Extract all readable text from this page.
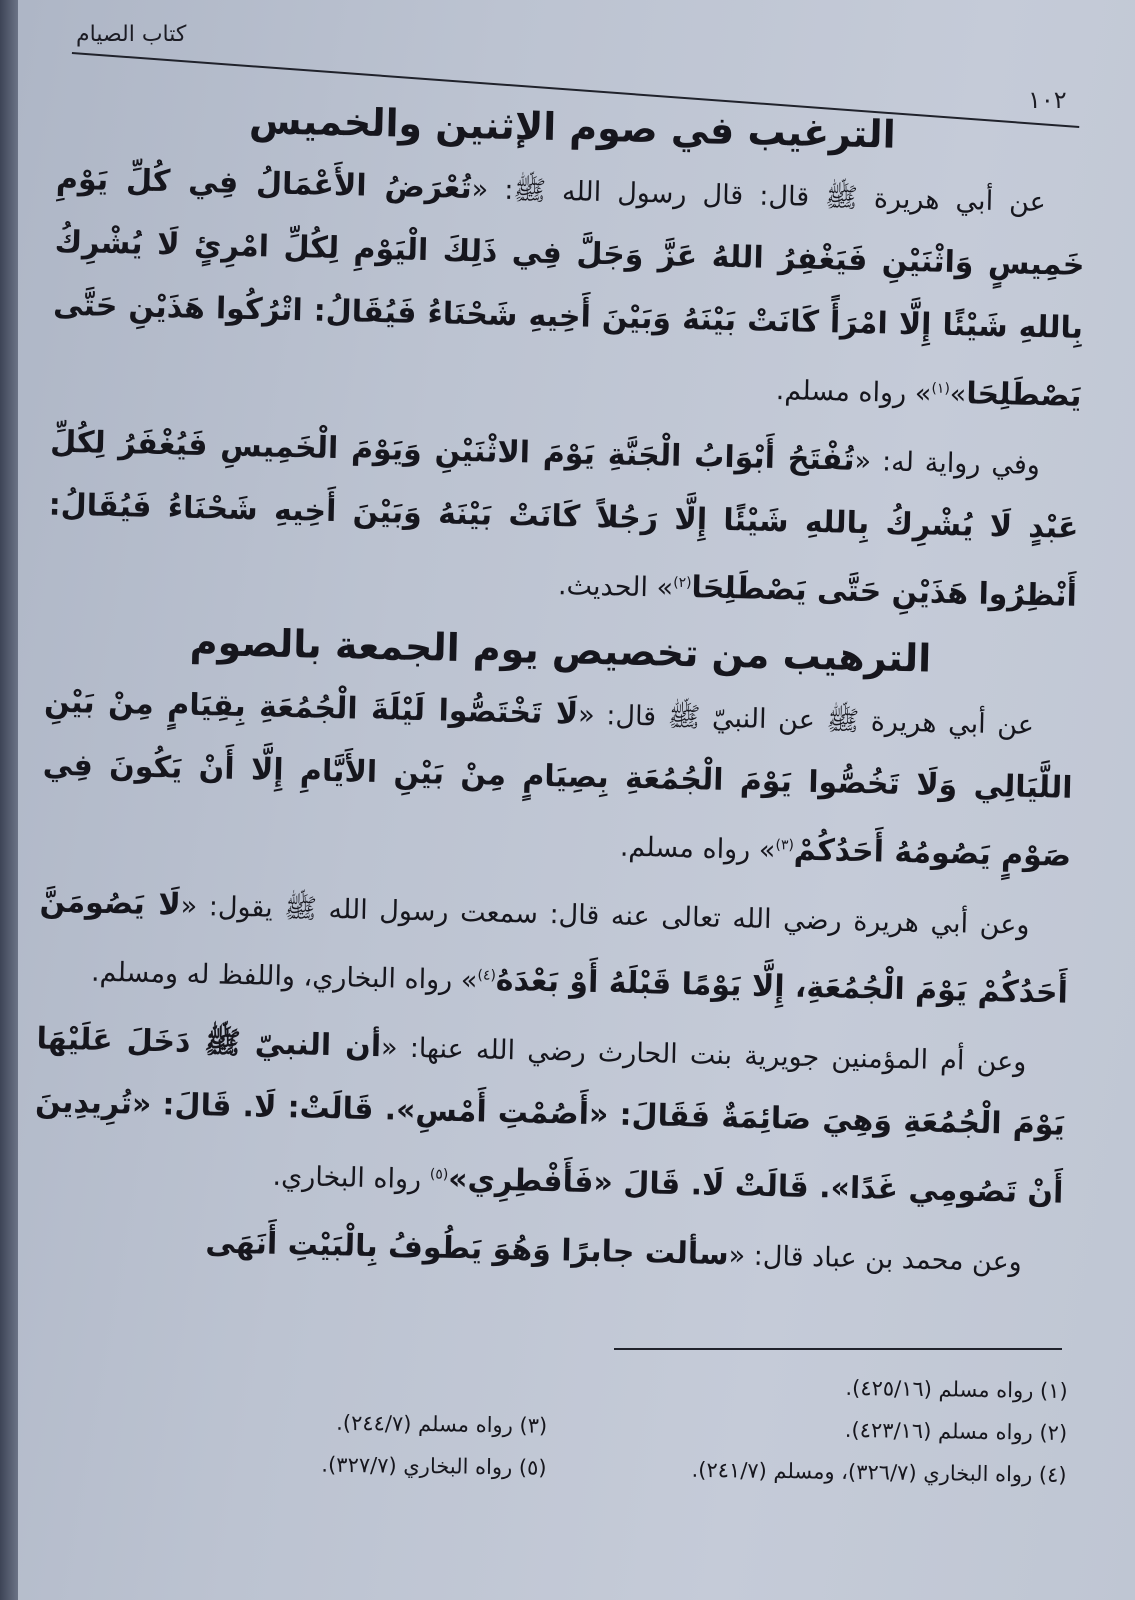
كتاب الصيام
١٠٢
الترغيب في صوم الإثنين والخميس

عن أبي هريرة ﷺ قال: قال رسول الله ﷺ: «تُعْرَضُ الأَعْمَالُ فِي كُلِّ يَوْمِ خَمِيسٍ وَاثْنَيْنِ فَيَغْفِرُ اللهُ عَزَّ وَجَلَّ فِي ذَلِكَ الْيَوْمِ لِكُلِّ امْرِئٍ لَا يُشْرِكُ بِاللهِ شَيْئًا إِلَّا امْرَأً كَانَتْ بَيْنَهُ وَبَيْنَ أَخِيهِ شَحْنَاءُ فَيُقَالُ: اتْرُكُوا هَذَيْنِ حَتَّى يَصْطَلِحَا»$^{(١)}$» رواه مسلم.

وفي رواية له: «تُفْتَحُ أَبْوَابُ الْجَنَّةِ يَوْمَ الاثْنَيْنِ وَيَوْمَ الْخَمِيسِ فَيُغْفَرُ لِكُلِّ عَبْدٍ لَا يُشْرِكُ بِاللهِ شَيْئًا إِلَّا رَجُلاً كَانَتْ بَيْنَهُ وَبَيْنَ أَخِيهِ شَحْنَاءُ فَيُقَالُ: أَنْظِرُوا هَذَيْنِ حَتَّى يَصْطَلِحَا$^{(٢)}$» الحديث.

الترهيب من تخصيص يوم الجمعة بالصوم

عن أبي هريرة ﷺ عن النبيّ ﷺ قال: «لَا تَخْتَصُّوا لَيْلَةَ الْجُمُعَةِ بِقِيَامٍ مِنْ بَيْنِ اللَّيَالِي وَلَا تَخُصُّوا يَوْمَ الْجُمُعَةِ بِصِيَامٍ مِنْ بَيْنِ الأَيَّامِ إِلَّا أَنْ يَكُونَ فِي صَوْمٍ يَصُومُهُ أَحَدُكُمْ$^{(٣)}$» رواه مسلم.

وعن أبي هريرة رضي الله تعالى عنه قال: سمعت رسول الله ﷺ يقول: «لَا يَصُومَنَّ أَحَدُكُمْ يَوْمَ الْجُمُعَةِ، إِلَّا يَوْمًا قَبْلَهُ أَوْ بَعْدَهُ$^{(٤)}$» رواه البخاري، واللفظ له ومسلم.

وعن أم المؤمنين جويرية بنت الحارث رضي الله عنها: «أن النبيّ ﷺ دَخَلَ عَلَيْهَا يَوْمَ الْجُمُعَةِ وَهِيَ صَائِمَةٌ فَقَالَ: «أَصُمْتِ أَمْسِ». قَالَتْ: لَا. قَالَ: «تُرِيدِينَ أَنْ تَصُومِي غَدًا». قَالَتْ لَا. قَالَ «فَأَفْطِرِي»$^{(٥)}$ رواه البخاري.

وعن محمد بن عباد قال: «سألت جابرًا وَهُوَ يَطُوفُ بِالْبَيْتِ أَنَهَى

(١) رواه مسلم (٤٢٥/١٦).
(٢) رواه مسلم (٤٢٣/١٦).
(٣) رواه مسلم (٢٤٤/٧).
(٤) رواه البخاري (٣٢٦/٧)، ومسلم (٢٤١/٧).
(٥) رواه البخاري (٣٢٧/٧).
